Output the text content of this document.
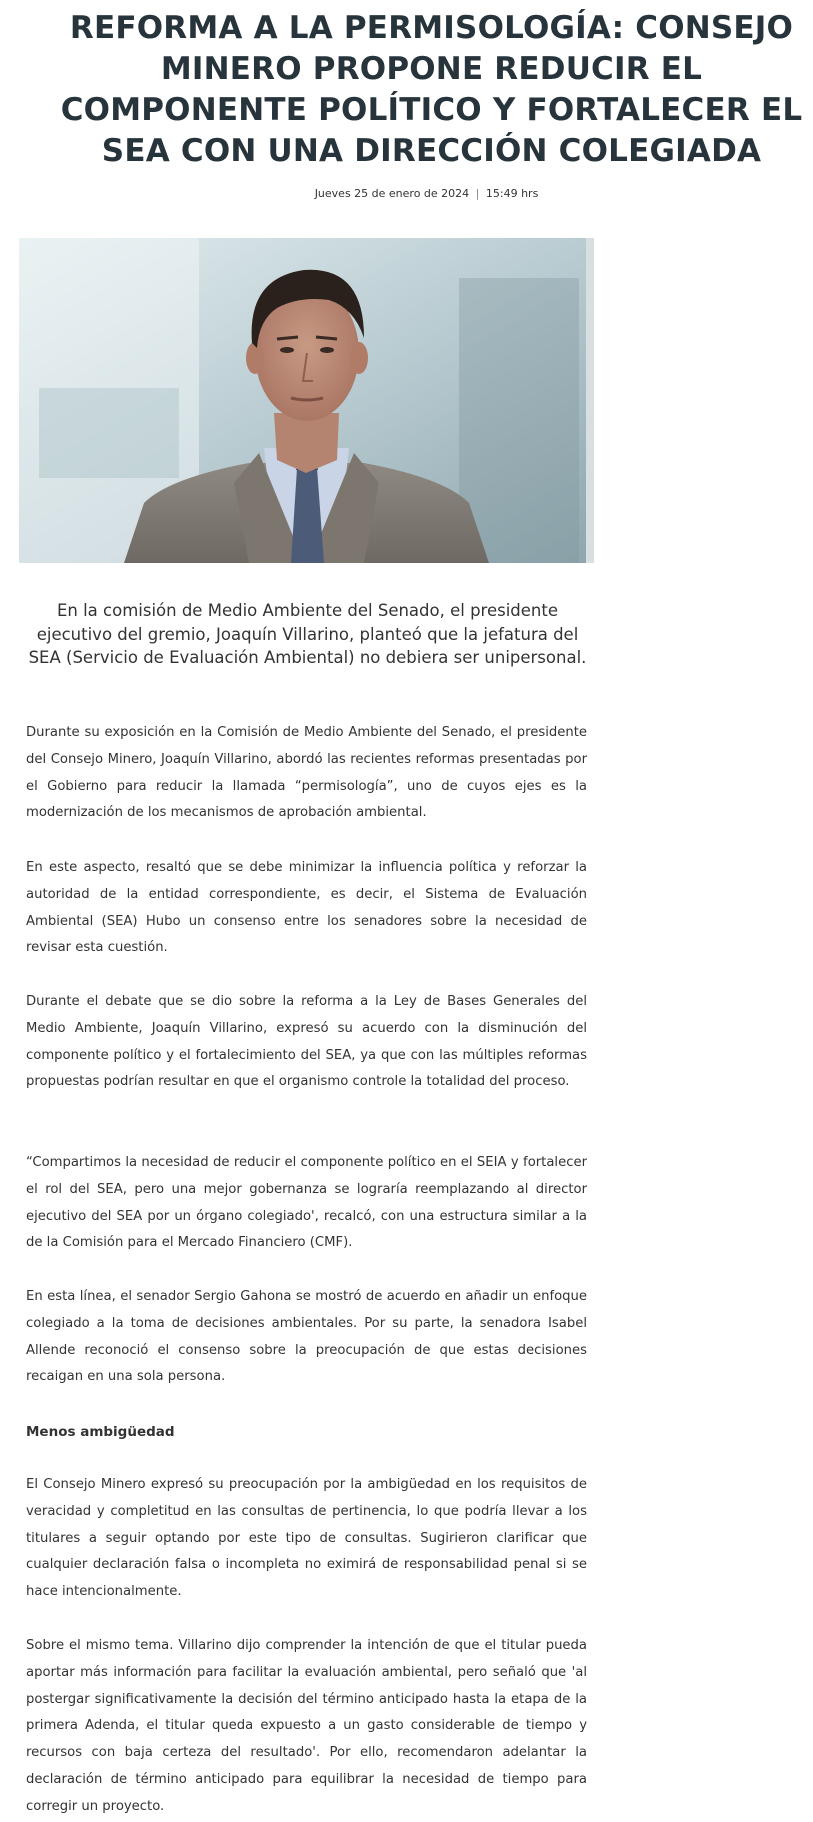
REFORMA A LA PERMISOLOGÍA: CONSEJO MINERO PROPONE REDUCIR EL COMPONENTE POLÍTICO Y FORTALECER EL SEA CON UNA DIRECCIÓN COLEGIADA
Jueves 25 de enero de 2024 | 15:49 hrs

En la comisión de Medio Ambiente del Senado, el presidente ejecutivo del gremio, Joaquín Villarino, planteó que la jefatura del SEA (Servicio de Evaluación Ambiental) no debiera ser unipersonal.

Durante su exposición en la Comisión de Medio Ambiente del Senado, el presidente del Consejo Minero, Joaquín Villarino, abordó las recientes reformas presentadas por el Gobierno para reducir la llamada “permisología”, uno de cuyos ejes es la modernización de los mecanismos de aprobación ambiental.

En este aspecto, resaltó que se debe minimizar la influencia política y reforzar la autoridad de la entidad correspondiente, es decir, el Sistema de Evaluación Ambiental (SEA) Hubo un consenso entre los senadores sobre la necesidad de revisar esta cuestión.

Durante el debate que se dio sobre la reforma a la Ley de Bases Generales del Medio Ambiente, Joaquín Villarino, expresó su acuerdo con la disminución del componente político y el fortalecimiento del SEA, ya que con las múltiples reformas propuestas podrían resultar en que el organismo controle la totalidad del proceso.

“Compartimos la necesidad de reducir el componente político en el SEIA y fortalecer el rol del SEA, pero una mejor gobernanza se lograría reemplazando al director ejecutivo del SEA por un órgano colegiado', recalcó, con una estructura similar a la de la Comisión para el Mercado Financiero (CMF).

En esta línea, el senador Sergio Gahona se mostró de acuerdo en añadir un enfoque colegiado a la toma de decisiones ambientales. Por su parte, la senadora Isabel Allende reconoció el consenso sobre la preocupación de que estas decisiones recaigan en una sola persona.

Menos ambigüedad

El Consejo Minero expresó su preocupación por la ambigüedad en los requisitos de veracidad y completitud en las consultas de pertinencia, lo que podría llevar a los titulares a seguir optando por este tipo de consultas. Sugirieron clarificar que cualquier declaración falsa o incompleta no eximirá de responsabilidad penal si se hace intencionalmente.

Sobre el mismo tema. Villarino dijo comprender la intención de que el titular pueda aportar más información para facilitar la evaluación ambiental, pero señaló que 'al postergar significativamente la decisión del término anticipado hasta la etapa de la primera Adenda, el titular queda expuesto a un gasto considerable de tiempo y recursos con baja certeza del resultado'. Por ello, recomendaron adelantar la declaración de término anticipado para equilibrar la necesidad de tiempo para corregir un proyecto.
